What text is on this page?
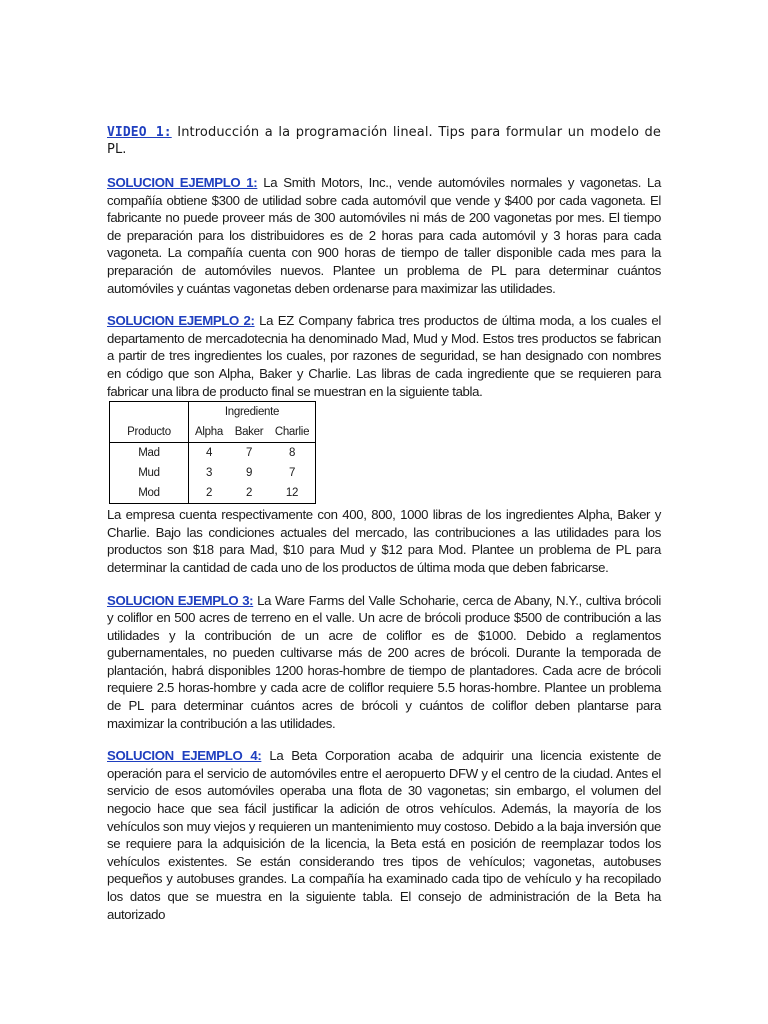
VIDEO 1: Introducción a la programación lineal. Tips para formular un modelo de PL.

SOLUCION EJEMPLO 1: La Smith Motors, Inc., vende automóviles normales y vagonetas. La compañía obtiene $300 de utilidad sobre cada automóvil que vende y $400 por cada vagoneta. El fabricante no puede proveer más de 300 automóviles ni más de 200 vagonetas por mes. El tiempo de preparación para los distribuidores es de 2 horas para cada automóvil y 3 horas para cada vagoneta. La compañía cuenta con 900 horas de tiempo de taller disponible cada mes para la preparación de automóviles nuevos. Plantee un problema de PL para determinar cuántos automóviles y cuántas vagonetas deben ordenarse para maximizar las utilidades.

SOLUCION EJEMPLO 2: La EZ Company fabrica tres productos de última moda, a los cuales el departamento de mercadotecnia ha denominado Mad, Mud y Mod. Estos tres productos se fabrican a partir de tres ingredientes los cuales, por razones de seguridad, se han designado con nombres en código que son Alpha, Baker y Charlie. Las libras de cada ingrediente que se requieren para fabricar una libra de producto final se muestran en la siguiente tabla.

	Ingrediente			
Producto	Alpha	Baker	Charlie	
Mad	4	7	8	
Mud	3	9	7	
Mod	2	2	12	

La empresa cuenta respectivamente con 400, 800, 1000 libras de los ingredientes Alpha, Baker y Charlie. Bajo las condiciones actuales del mercado, las contribuciones a las utilidades para los productos son $18 para Mad, $10 para Mud y $12 para Mod. Plantee un problema de PL para determinar la cantidad de cada uno de los productos de última moda que deben fabricarse.

SOLUCION EJEMPLO 3: La Ware Farms del Valle Schoharie, cerca de Abany, N.Y., cultiva brócoli y coliflor en 500 acres de terreno en el valle. Un acre de brócoli produce $500 de contribución a las utilidades y la contribución de un acre de coliflor es de $1000. Debido a reglamentos gubernamentales, no pueden cultivarse más de 200 acres de brócoli. Durante la temporada de plantación, habrá disponibles 1200 horas-hombre de tiempo de plantadores. Cada acre de brócoli requiere 2.5 horas-hombre y cada acre de coliflor requiere 5.5 horas-hombre. Plantee un problema de PL para determinar cuántos acres de brócoli y cuántos de coliflor deben plantarse para maximizar la contribución a las utilidades.

SOLUCION EJEMPLO 4: La Beta Corporation acaba de adquirir una licencia existente de operación para el servicio de automóviles entre el aeropuerto DFW y el centro de la ciudad. Antes el servicio de esos automóviles operaba una flota de 30 vagonetas; sin embargo, el volumen del negocio hace que sea fácil justificar la adición de otros vehículos. Además, la mayoría de los vehículos son muy viejos y requieren un mantenimiento muy costoso. Debido a la baja inversión que se requiere para la adquisición de la licencia, la Beta está en posición de reemplazar todos los vehículos existentes. Se están considerando tres tipos de vehículos; vagonetas, autobuses pequeños y autobuses grandes. La compañía ha examinado cada tipo de vehículo y ha recopilado los datos que se muestra en la siguiente tabla. El consejo de administración de la Beta ha autorizado
